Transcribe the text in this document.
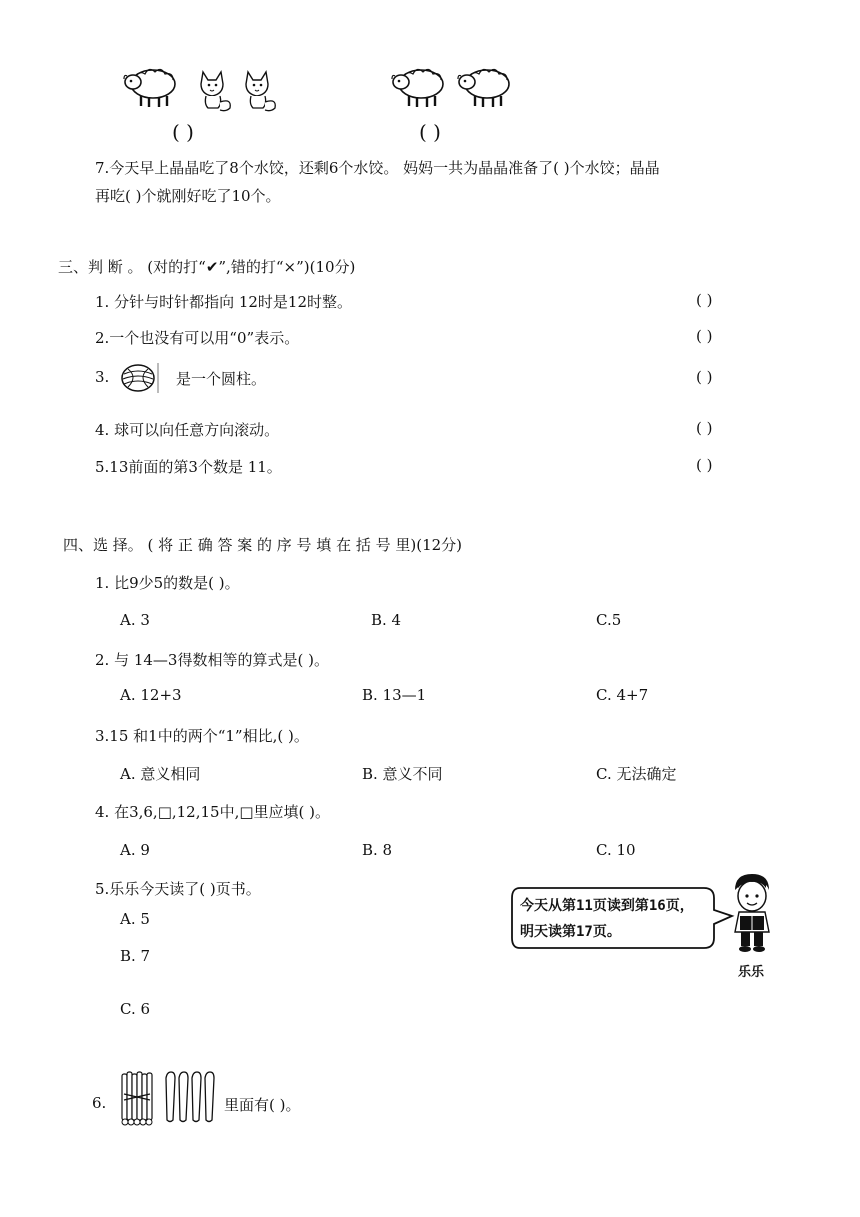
( )	( )
7.今天早上晶晶吃了8个水饺，还剩6个水饺。 妈妈一共为晶晶准备了( )个水饺；晶晶
再吃( )个就刚好吃了10个。
三、判 断 。 (对的打“✔”,错的打“×”)(10分)
1. 分针与时针都指向 12时是12时整。	( )
2.一个也没有可以用“0”表示。	( )
3.	是一个圆柱。	( )
4. 球可以向任意方向滚动。	( )
5.13前面的第3个数是 11。	( )
四、选 择。 ( 将 正 确 答 案 的 序 号 填 在 括 号 里)(12分)
1. 比9少5的数是( )。
A. 3	B. 4	C.5
2. 与 14—3得数相等的算式是( )。
A. 12+3	B. 13—1	C. 4+7
3.15 和1中的两个“1”相比,( )。
A. 意义相同	B. 意义不同	C. 无法确定
4. 在3,6,□,12,15中,□里应填( )。
A. 9	B. 8	C. 10
5.乐乐今天读了( )页书。
A. 5
B. 7
C. 6
今天从第11页读到第16页，明天读第17页。
乐乐
6.	里面有( )。
